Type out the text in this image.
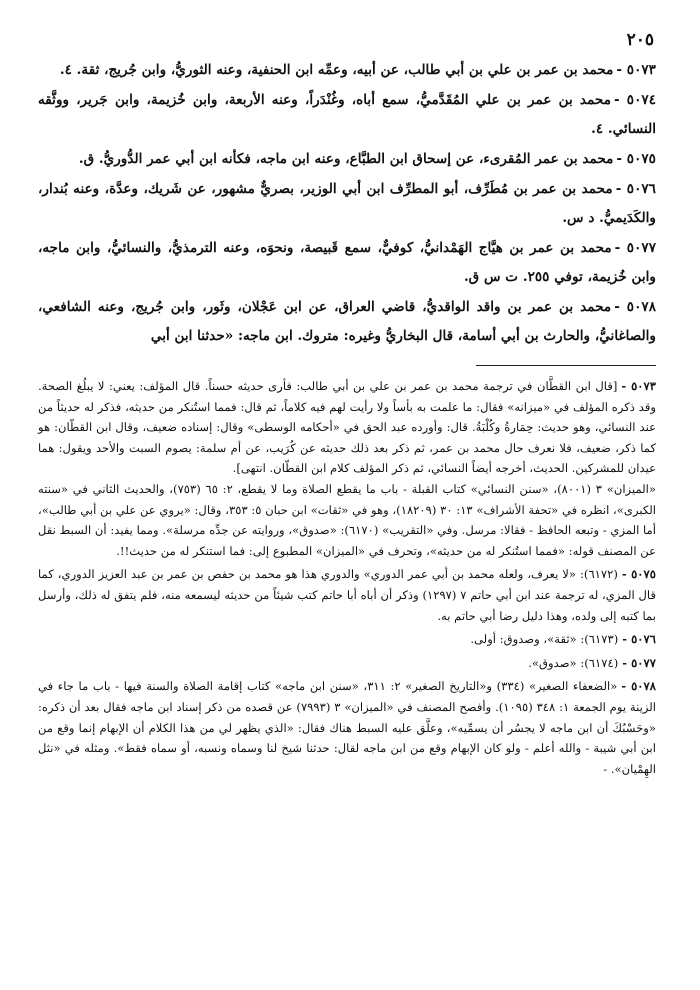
٢٠٥

٥٠٧٣ -محمد بن عمر بن علي بن أبي طالب، عن أبيه، وعمِّه ابن الحنفية، وعنه الثوريُّ، وابن جُريج، ثقة. ٤.

٥٠٧٤ -محمد بن عمر بن علي المُقَدَّميُّ، سمع أباه، وغُنْدَراً، وعنه الأربعة، وابن خُزيمة، وابن جَرير، ووثَّقه النسائي. ٤.

٥٠٧٥ -محمد بن عمر المُقرىء، عن إسحاق ابن الطبَّاع، وعنه ابن ماجه، فكأنه ابن أبي عمر الدُّوريُّ. ق.

٥٠٧٦ -محمد بن عمر بن مُطَرِّف، أبو المطرِّف ابن أبي الوزير، بصريٌّ مشهور، عن شَريك، وعدَّة، وعنه بُندار، والكَدَيميُّ. د س.

٥٠٧٧ -محمد بن عمر بن هيَّاج الهَمْدانيُّ، كوفيٌّ، سمع قَبيصة، ونحوَه، وعنه الترمذيُّ، والنسائيُّ، وابن ماجه، وابن خُزيمة، توفي ٢٥٥. ت س ق.

٥٠٧٨ -محمد بن عمر بن واقد الواقديُّ، قاضي العراق، عن ابن عَجْلان، وثَور، وابن جُريج، وعنه الشافعي، والصاغانيُّ، والحارث بن أبي أسامة، قال البخاريُّ وغيره: متروك. ابن ماجه: «حدثنا ابن أبي

٥٠٧٣ -[قال ابن القطَّان في ترجمة محمد بن عمر بن علي بن أبي طالب: فأرى حديثه حسناً. قال المؤلف: يعني: لا يبلُغ الصحة. وقد ذكره المؤلف في «ميزانه» فقال: ما علمت به بأساً ولا رأيت لهم فيه كلاماً، ثم قال: فمما استُنكر من حديثه، فذكر له حديثاً من عند النسائي، وهو حديث: حِمَارةُ وكُلْبَةُ. قال: وأورده عبد الحق في «أحكامه الوسطى» وقال: إسناده ضعيف، وقال ابن القطّان: هو كما ذكر، ضعيف، فلا نعرف حال محمد بن عمر، ثم ذكر بعد ذلك حديثه عن كُرَيب، عن أم سلمة: يصوم السبت والأحد ويقول: هما عيدان للمشركين. الحديث، أخرجه أيضاً النسائي، ثم ذكر المؤلف كلام ابن القطّان. انتهى].

«الميزان» ٣ (٨٠٠١)، «سنن النسائي» كتاب القبلة - باب ما يقطع الصلاة وما لا يقطع، ٢: ٦٥ (٧٥٣)، والحديث الثاني في «سنته الكبرى»، انظره في «تحفة الأشراف» ١٣: ٣٠ (١٨٢٠٩)، وهو في «ثقات» ابن حبان ٥: ٣٥٣، وقال: «يروي عن علي بن أبي طالب»، أما المزي - وتبعه الحافظ - فقالا: مرسل. وفي «التقريب» (٦١٧٠): «صدوق»، وروايته عن جدِّه مرسلة». ومما يفيد: أن السبط نقل عن المصنف قوله: «فمما استُنكر له من حديثه»، وتحرف في «الميزان» المطبوع إلى: فما استنكر له من حديث!!.

٥٠٧٥ -(٦١٧٢): «لا يعرف، ولعله محمد بن أبي عمر الدوري» والدوري هذا هو محمد بن حفص بن عمر بن عبد العزيز الدوري، كما قال المزي، له ترجمة عند ابن أبي حاتم ٧ (١٢٩٧) وذكر أن أباه أبا حاتم كتب شيئاً من حديثه ليسمعه منه، فلم يتفق له ذلك، وأرسل بما كتبه إلى ولده، وهذا دليل رضا أبي حاتم به.

٥٠٧٦ -(٦١٧٣): «ثقة»، وصدوق: أولى.

٥٠٧٧ -(٦١٧٤): «صدوق».

٥٠٧٨ -«الضعفاء الصغير» (٣٣٤) و«التاريخ الصغير» ٢: ٣١١، «سنن ابن ماجه» كتاب إقامة الصلاة والسنة فيها - باب ما جاء في الزينة يوم الجمعة ١: ٣٤٨ (١٠٩٥). وأفصح المصنف في «الميزان» ٣ (٧٩٩٣) عن قصده من ذكر إسناد ابن ماجه فقال بعد أن ذكره: «وحَسْبُكَ أن ابن ماجه لا يجسُر أن يسمِّيه»، وعلَّق عليه السبط هناك فقال: «الذي يظهر لي من هذا الكلام أن الإبهام إنما وقع من ابن أبي شيبة - والله أعلم - ولو كان الإبهام وقع من ابن ماجه لقال: حدثنا شيخ لنا وسماه ونسبه، أو سماه فقط». ومثله في «نثل الهِمْيان». -
